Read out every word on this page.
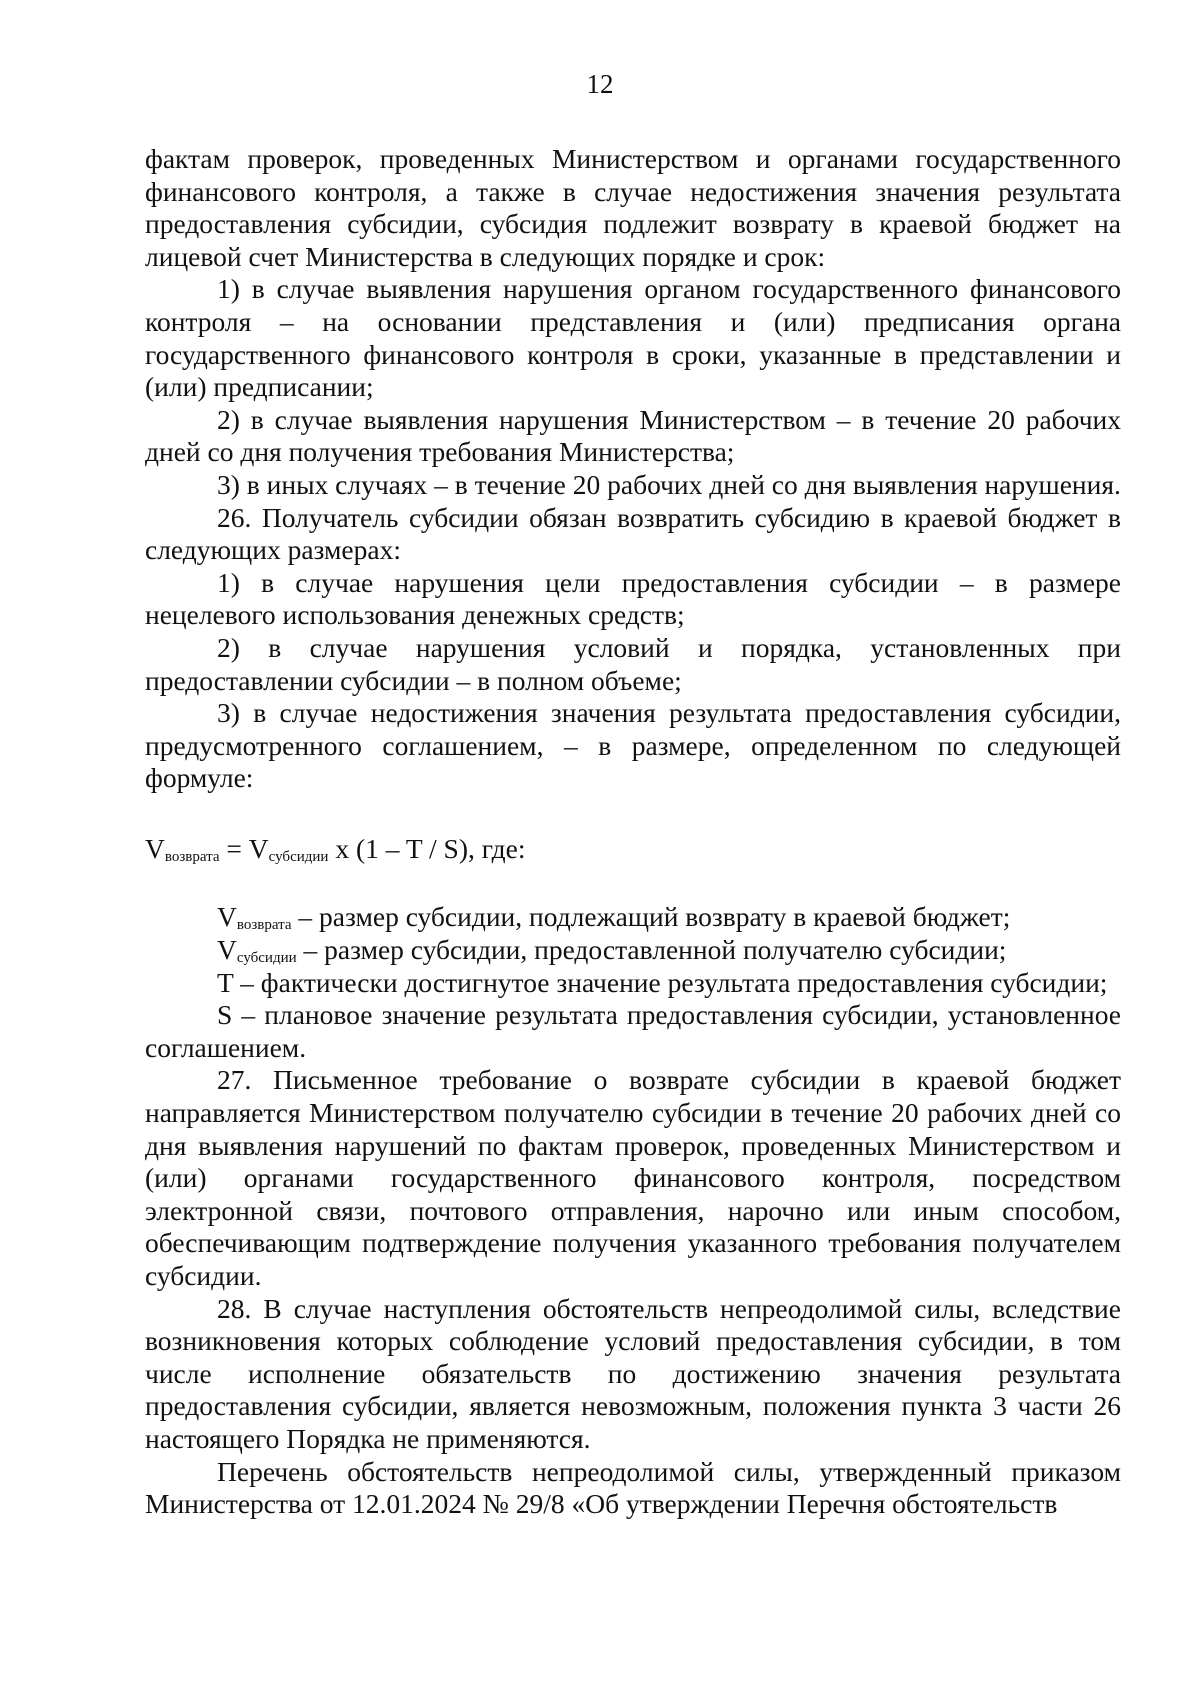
12

фактам проверок, проведенных Министерством и органами государственного финансового контроля, а также в случае недостижения значения результата предоставления субсидии, субсидия подлежит возврату в краевой бюджет на лицевой счет Министерства в следующих порядке и срок:

1) в случае выявления нарушения органом государственного финансового контроля – на основании представления и (или) предписания органа государственного финансового контроля в сроки, указанные в представлении и (или) предписании;

2) в случае выявления нарушения Министерством – в течение 20 рабочих дней со дня получения требования Министерства;

3) в иных случаях – в течение 20 рабочих дней со дня выявления нарушения.

26. Получатель субсидии обязан возвратить субсидию в краевой бюджет в следующих размерах:

1) в случае нарушения цели предоставления субсидии – в размере нецелевого использования денежных средств;

2) в случае нарушения условий и порядка, установленных при предоставлении субсидии – в полном объеме;

3) в случае недостижения значения результата предоставления субсидии, предусмотренного соглашением, – в размере, определенном по следующей формуле:

$V_{возврата} = V_{субсидии}$ x (1 – T / S), где:

$V_{возврата}$ – размер субсидии, подлежащий возврату в краевой бюджет;

$V_{субсидии}$ – размер субсидии, предоставленной получателю субсидии;

T – фактически достигнутое значение результата предоставления субсидии;

S – плановое значение результата предоставления субсидии, установленное соглашением.

27. Письменное требование о возврате субсидии в краевой бюджет направляется Министерством получателю субсидии в течение 20 рабочих дней со дня выявления нарушений по фактам проверок, проведенных Министерством и (или) органами государственного финансового контроля, посредством электронной связи, почтового отправления, нарочно или иным способом, обеспечивающим подтверждение получения указанного требования получателем субсидии.

28. В случае наступления обстоятельств непреодолимой силы, вследствие возникновения которых соблюдение условий предоставления субсидии, в том числе исполнение обязательств по достижению значения результата предоставления субсидии, является невозможным, положения пункта 3 части 26 настоящего Порядка не применяются.

Перечень обстоятельств непреодолимой силы, утвержденный приказом Министерства от 12.01.2024 № 29/8 «Об утверждении Перечня обстоятельств
